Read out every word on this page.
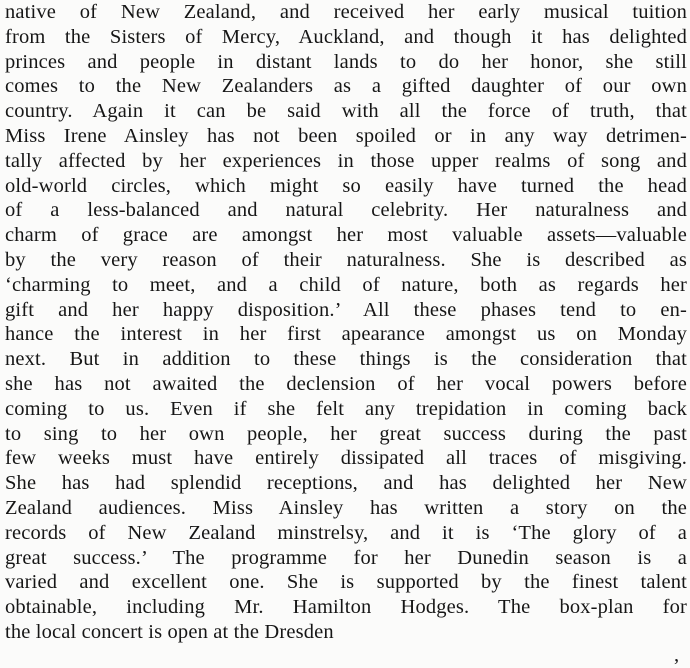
native of New Zealand, and received her early musical tuition
from the Sisters of Mercy, Auckland, and though it has delighted
princes and people in distant lands to do her honor, she still
comes to the New Zealanders as a gifted daughter of our own
country. Again it can be said with all the force of truth, that
Miss Irene Ainsley has not been spoiled or in any way detrimen-
tally affected by her experiences in those upper realms of song and
old-world circles, which might so easily have turned the head
of a less-balanced and natural celebrity. Her naturalness and
charm of grace are amongst her most valuable assets—valuable
by the very reason of their naturalness. She is described as
‘charming to meet, and a child of nature, both as regards her
gift and her happy disposition.’ All these phases tend to en-
hance the interest in her first apearance amongst us on Monday
next. But in addition to these things is the consideration that
she has not awaited the declension of her vocal powers before
coming to us. Even if she felt any trepidation in coming back
to sing to her own people, her great success during the past
few weeks must have entirely dissipated all traces of misgiving.
She has had splendid receptions, and has delighted her New
Zealand audiences. Miss Ainsley has written a story on the
records of New Zealand minstrelsy, and it is ‘The glory of a
great success.’ The programme for her Dunedin season is a
varied and excellent one. She is supported by the finest talent
obtainable, including Mr. Hamilton Hodges. The box-plan for
the local concert is open at the Dresden
,
